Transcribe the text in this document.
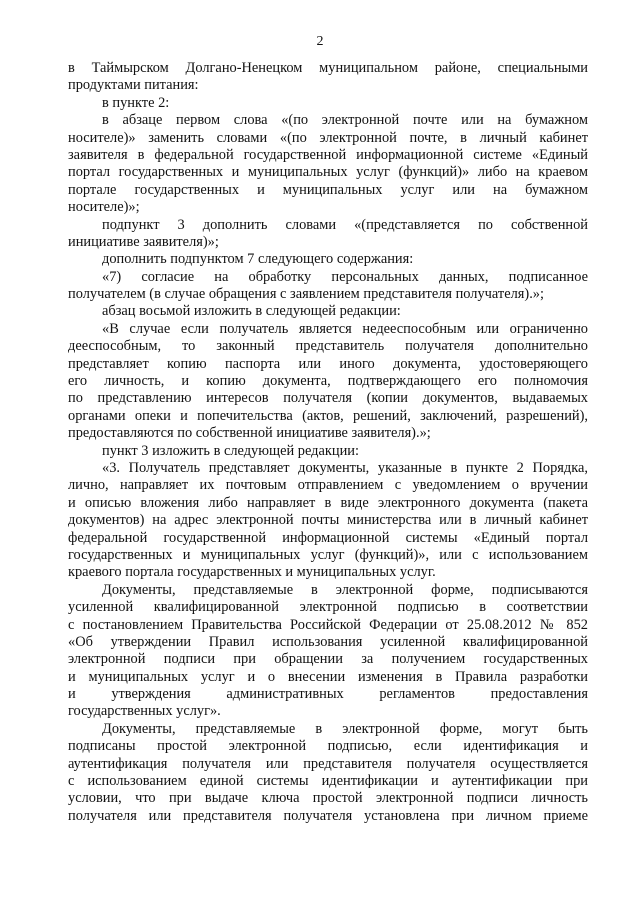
2
в Таймырском Долгано-Ненецком муниципальном районе, специальными
продуктами питания:
в пункте 2:
в абзаце первом слова «(по электронной почте или на бумажном
носителе)» заменить словами «(по электронной почте, в личный кабинет
заявителя в федеральной государственной информационной системе «Единый
портал государственных и муниципальных услуг (функций)» либо на краевом
портале государственных и муниципальных услуг или на бумажном
носителе)»;
подпункт 3 дополнить словами «(представляется по собственной
инициативе заявителя)»;
дополнить подпунктом 7 следующего содержания:
«7) согласие на обработку персональных данных, подписанное
получателем (в случае обращения с заявлением представителя получателя).»;
абзац восьмой изложить в следующей редакции:
«В случае если получатель является недееспособным или ограниченно
дееспособным, то законный представитель получателя дополнительно
представляет копию паспорта или иного документа, удостоверяющего
его личность, и копию документа, подтверждающего его полномочия
по представлению интересов получателя (копии документов, выдаваемых
органами опеки и попечительства (актов, решений, заключений, разрешений),
предоставляются по собственной инициативе заявителя).»;
пункт 3 изложить в следующей редакции:
«3. Получатель представляет документы, указанные в пункте 2 Порядка,
лично, направляет их почтовым отправлением с уведомлением о вручении
и описью вложения либо направляет в виде электронного документа (пакета
документов) на адрес электронной почты министерства или в личный кабинет
федеральной государственной информационной системы «Единый портал
государственных и муниципальных услуг (функций)», или с использованием
краевого портала государственных и муниципальных услуг.
Документы, представляемые в электронной форме, подписываются
усиленной квалифицированной электронной подписью в соответствии
с постановлением Правительства Российской Федерации от 25.08.2012 № 852
«Об утверждении Правил использования усиленной квалифицированной
электронной подписи при обращении за получением государственных
и муниципальных услуг и о внесении изменения в Правила разработки
и утверждения административных регламентов предоставления
государственных услуг».
Документы, представляемые в электронной форме, могут быть
подписаны простой электронной подписью, если идентификация и
аутентификация получателя или представителя получателя осуществляется
с использованием единой системы идентификации и аутентификации при
условии, что при выдаче ключа простой электронной подписи личность
получателя или представителя получателя установлена при личном приеме
